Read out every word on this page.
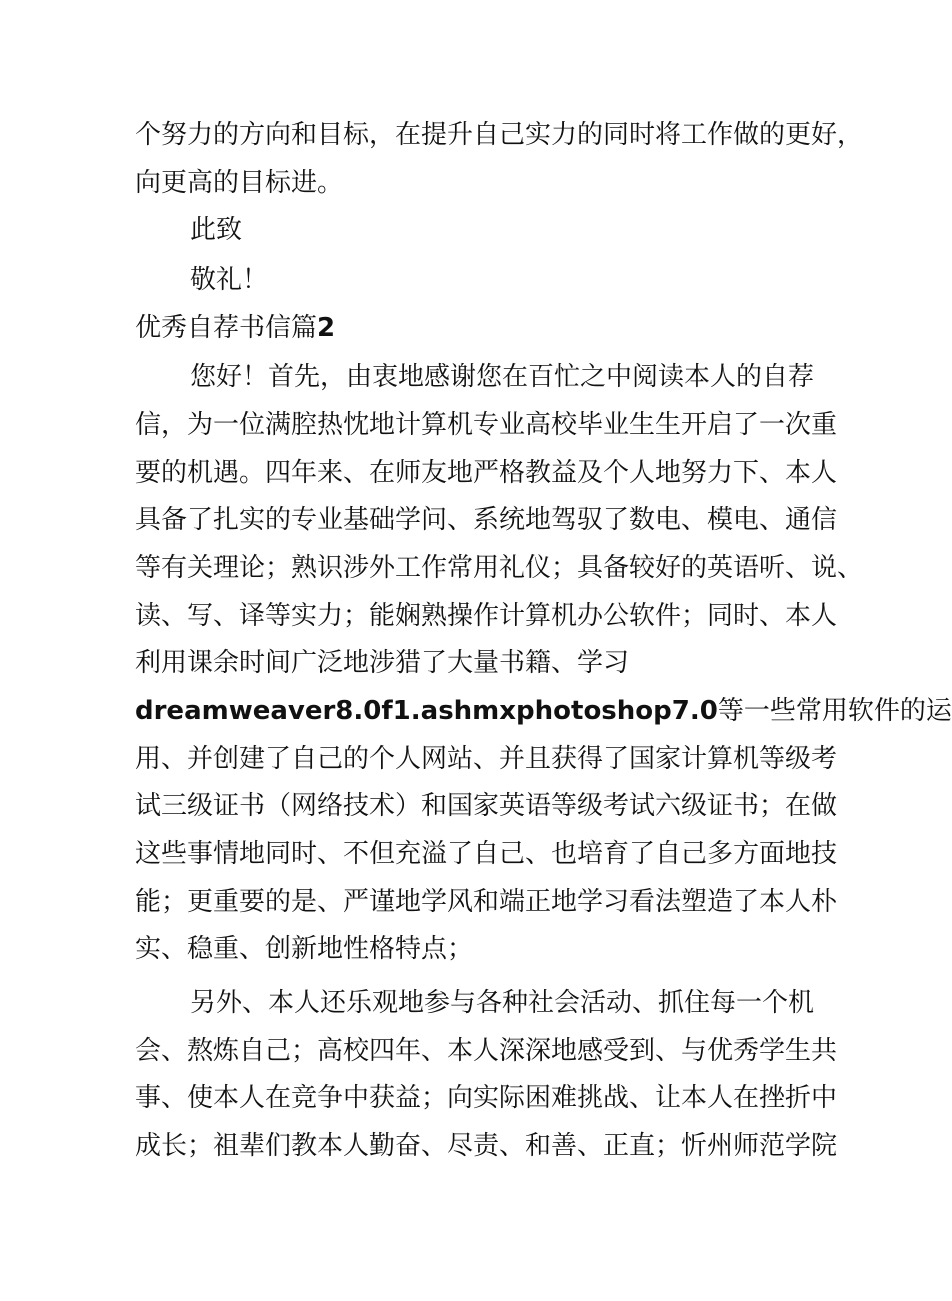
个努力的方向和目标，在提升自己实力的同时将工作做的更好，
向更高的目标进。
此致
敬礼！
优秀自荐书信篇2
您好！首先，由衷地感谢您在百忙之中阅读本人的自荐
信，为一位满腔热忱地计算机专业高校毕业生生开启了一次重
要的机遇。四年来、在师友地严格教益及个人地努力下、本人
具备了扎实的专业基础学问、系统地驾驭了数电、模电、通信
等有关理论；熟识涉外工作常用礼仪；具备较好的英语听、说、
读、写、译等实力；能娴熟操作计算机办公软件；同时、本人
利用课余时间广泛地涉猎了大量书籍、学习
dreamweaver8.0f1.ashmxphotoshop7.0等一些常用软件的运
用、并创建了自己的个人网站、并且获得了国家计算机等级考
试三级证书（网络技术）和国家英语等级考试六级证书；在做
这些事情地同时、不但充溢了自己、也培育了自己多方面地技
能；更重要的是、严谨地学风和端正地学习看法塑造了本人朴
实、稳重、创新地性格特点；
另外、本人还乐观地参与各种社会活动、抓住每一个机
会、熬炼自己；高校四年、本人深深地感受到、与优秀学生共
事、使本人在竞争中获益；向实际困难挑战、让本人在挫折中
成长；祖辈们教本人勤奋、尽责、和善、正直；忻州师范学院
